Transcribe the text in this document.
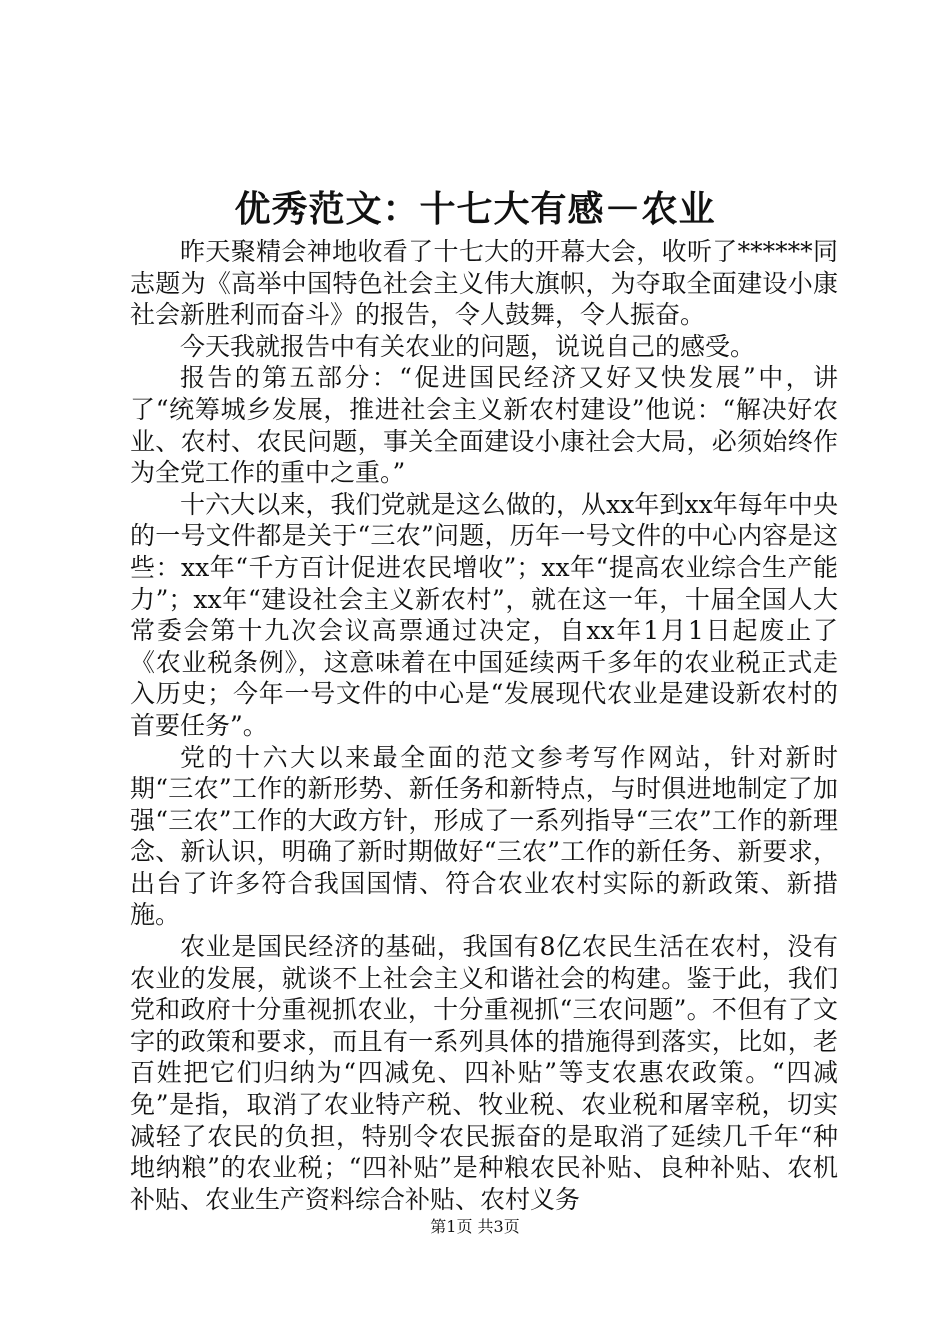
优秀范文：十七大有感－农业

昨天聚精会神地收看了十七大的开幕大会，收听了******同志题为《高举中国特色社会主义伟大旗帜，为夺取全面建设小康社会新胜利而奋斗》的报告，令人鼓舞，令人振奋。

今天我就报告中有关农业的问题，说说自己的感受。

报告的第五部分：“促进国民经济又好又快发展”中，讲了“统筹城乡发展，推进社会主义新农村建设”他说：“解决好农业、农村、农民问题，事关全面建设小康社会大局，必须始终作为全党工作的重中之重。”

十六大以来，我们党就是这么做的，从xx年到xx年每年中央的一号文件都是关于“三农”问题，历年一号文件的中心内容是这些：xx年“千方百计促进农民增收”；xx年“提高农业综合生产能力”；xx年“建设社会主义新农村”，就在这一年，十届全国人大常委会第十九次会议高票通过决定，自xx年1月1日起废止了《农业税条例》，这意味着在中国延续两千多年的农业税正式走入历史；今年一号文件的中心是“发展现代农业是建设新农村的首要任务”。

党的十六大以来最全面的范文参考写作网站，针对新时期“三农”工作的新形势、新任务和新特点，与时俱进地制定了加强“三农”工作的大政方针，形成了一系列指导“三农”工作的新理念、新认识，明确了新时期做好“三农”工作的新任务、新要求，出台了许多符合我国国情、符合农业农村实际的新政策、新措施。

农业是国民经济的基础，我国有8亿农民生活在农村，没有农业的发展，就谈不上社会主义和谐社会的构建。鉴于此，我们党和政府十分重视抓农业，十分重视抓“三农问题”。不但有了文字的政策和要求，而且有一系列具体的措施得到落实，比如，老百姓把它们归纳为“四减免、四补贴”等支农惠农政策。“四减免”是指，取消了农业特产税、牧业税、农业税和屠宰税，切实减轻了农民的负担，特别令农民振奋的是取消了延续几千年“种地纳粮”的农业税；“四补贴”是种粮农民补贴、良种补贴、农机补贴、农业生产资料综合补贴、农村义务

第1页 共3页
